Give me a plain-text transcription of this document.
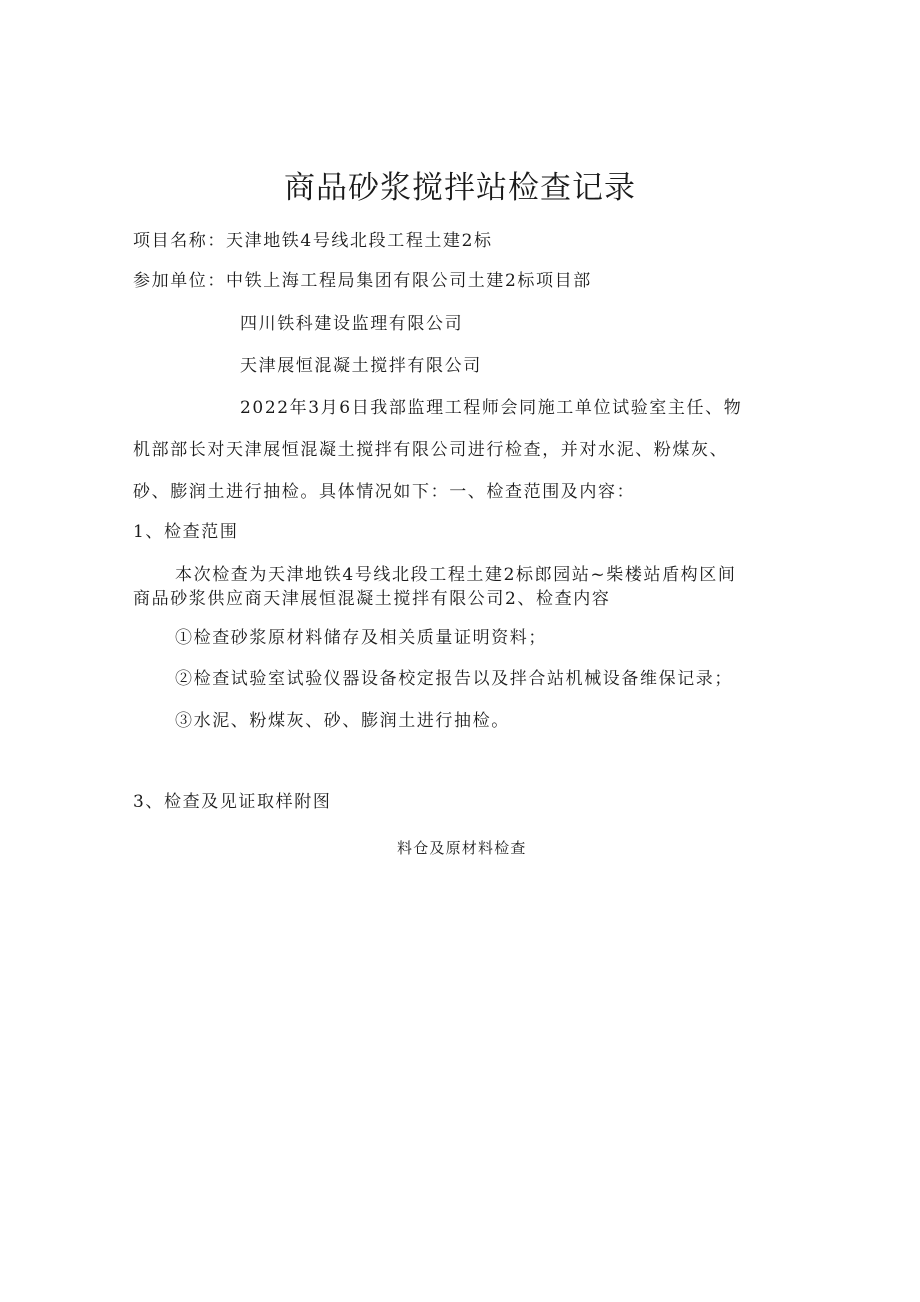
商品砂浆搅拌站检查记录
项目名称：天津地铁4号线北段工程土建2标
参加单位：中铁上海工程局集团有限公司土建2标项目部
四川铁科建设监理有限公司
天津展恒混凝土搅拌有限公司
2022年3月6日我部监理工程师会同施工单位试验室主任、物
机部部长对天津展恒混凝土搅拌有限公司进行检查，并对水泥、粉煤灰、
砂、膨润土进行抽检。具体情况如下：一、检查范围及内容：
1、检查范围
本次检查为天津地铁4号线北段工程土建2标郎园站~柴楼站盾构区间
商品砂浆供应商天津展恒混凝土搅拌有限公司2、检查内容
①检查砂浆原材料储存及相关质量证明资料；
②检查试验室试验仪器设备校定报告以及拌合站机械设备维保记录；
③水泥、粉煤灰、砂、膨润土进行抽检。
3、检查及见证取样附图
料仓及原材料检查
